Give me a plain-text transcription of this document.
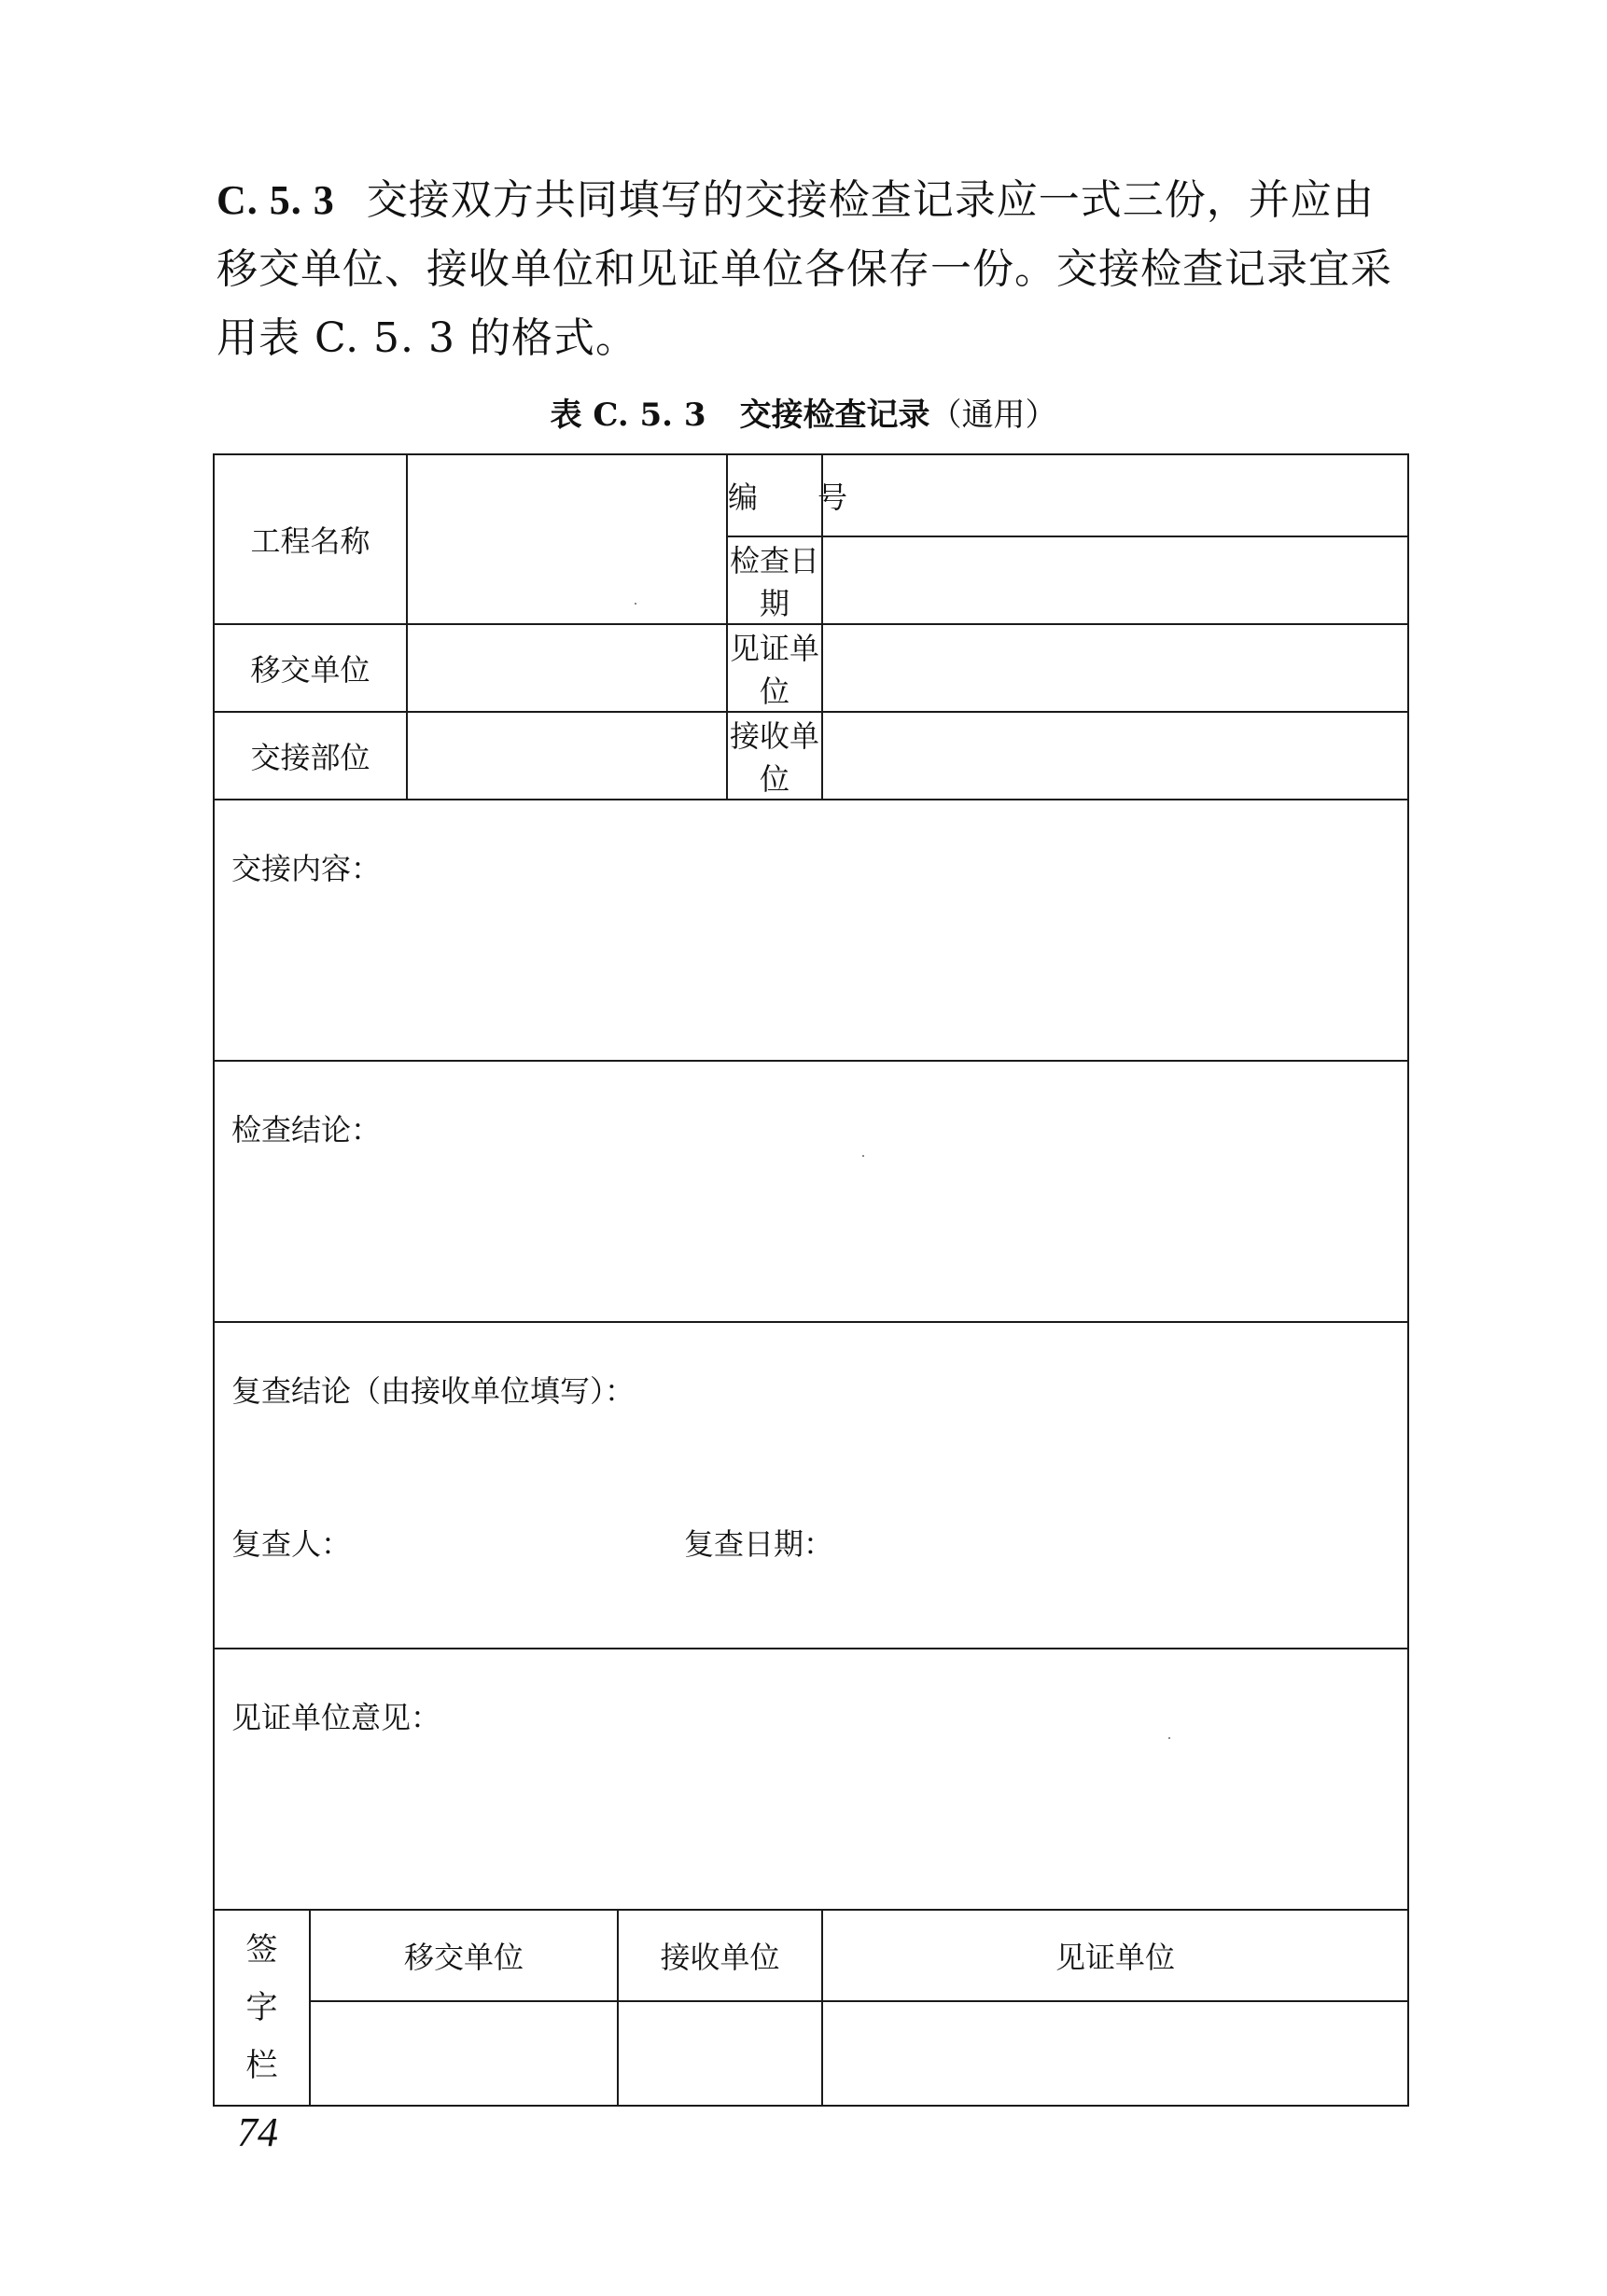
C. 5. 3 交接双方共同填写的交接检查记录应一式三份，并应由移交单位、接收单位和见证单位各保存一份。交接检查记录宜采用表 C. 5. 3 的格式。
表 C. 5. 3 交接检查记录（通用）
工程名称				编　　号	
				检查日期	
移交单位				见证单位	
交接部位				接收单位	
交接内容：					
检查结论：					

复查结论（由接收单位填写）：
复查人： 复查日期：					

见证单位意见：					

签
字
栏	移交单位		接收单位		见证单位

74
